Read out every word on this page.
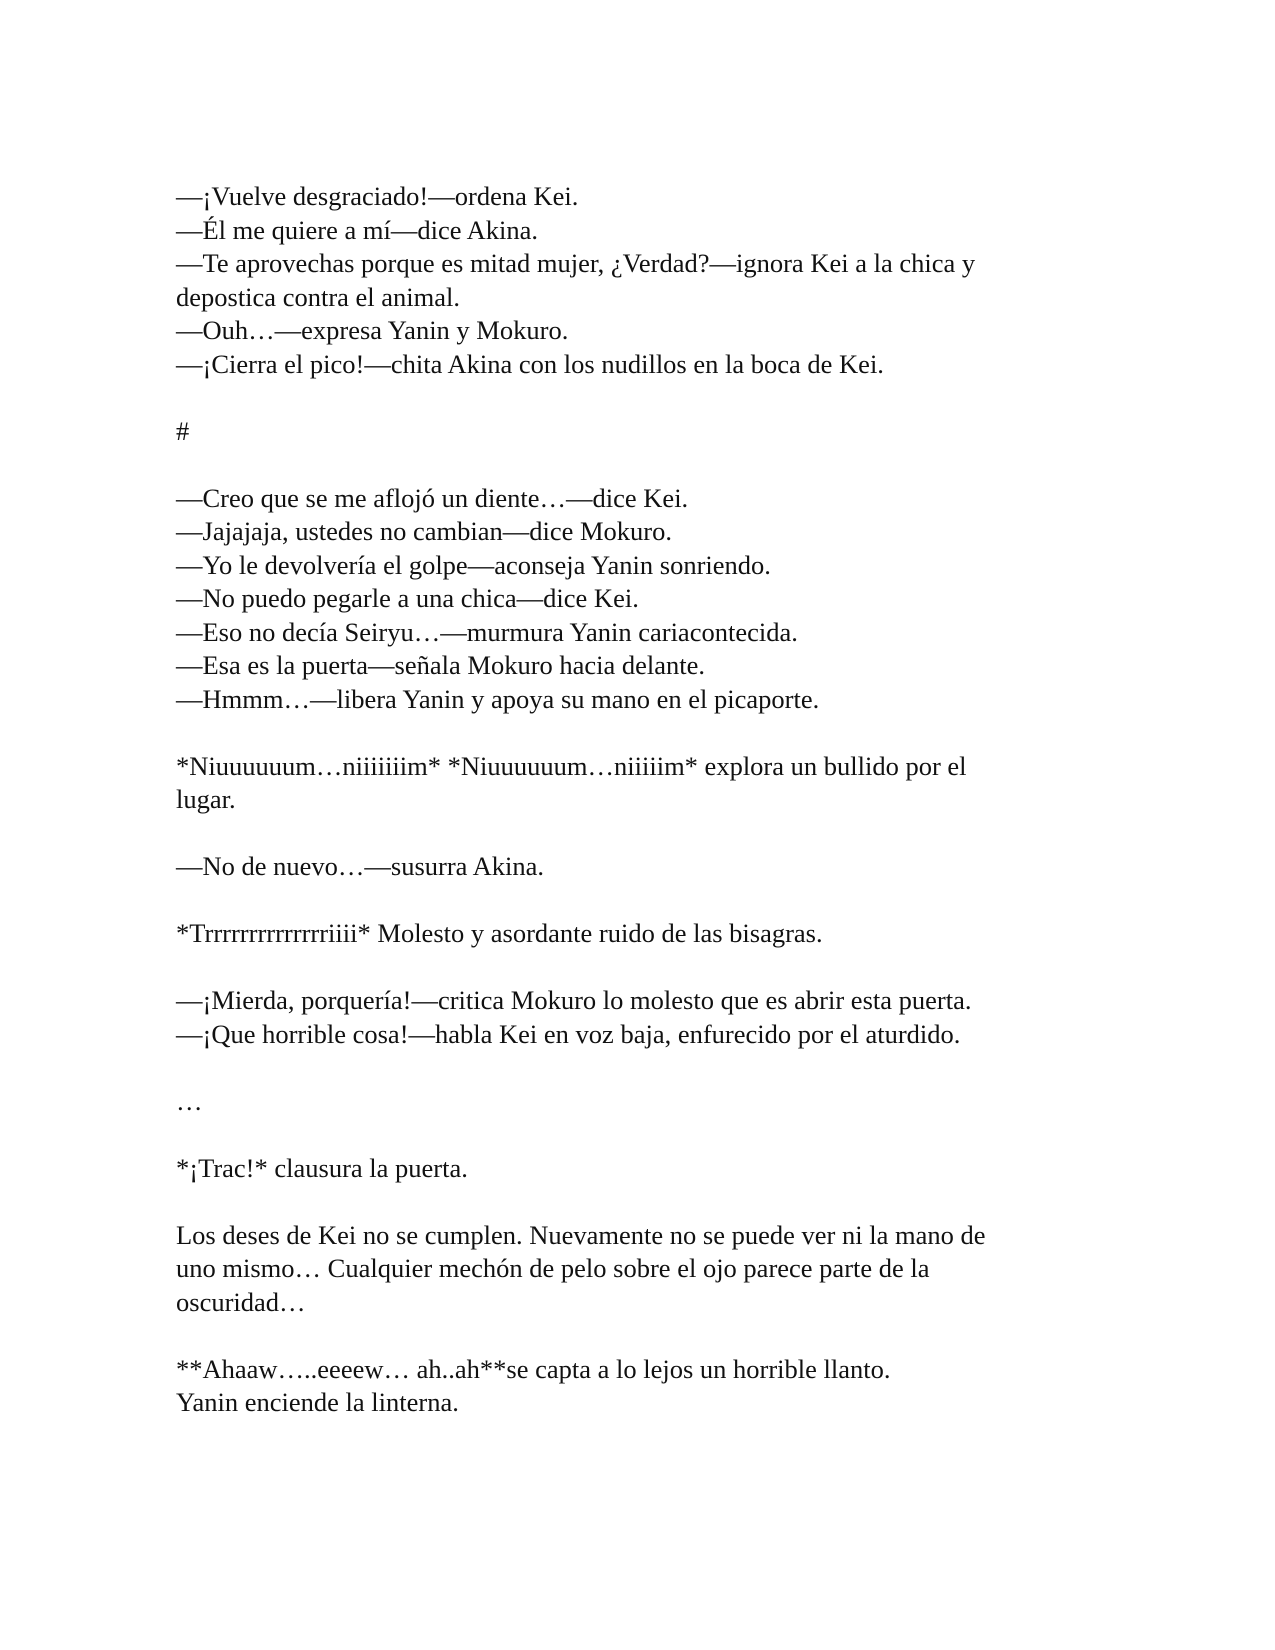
—¡Vuelve desgraciado!—ordena Kei.
—Él me quiere a mí—dice Akina.
—Te aprovechas porque es mitad mujer, ¿Verdad?—ignora Kei a la chica y
depostica contra el animal.
—Ouh…—expresa Yanin y Mokuro.
—¡Cierra el pico!—chita Akina con los nudillos en la boca de Kei.
#
—Creo que se me aflojó un diente…—dice Kei.
—Jajajaja, ustedes no cambian—dice Mokuro.
—Yo le devolvería el golpe—aconseja Yanin sonriendo.
—No puedo pegarle a una chica—dice Kei.
—Eso no decía Seiryu…—murmura Yanin cariacontecida.
—Esa es la puerta—señala Mokuro hacia delante.
—Hmmm…—libera Yanin y apoya su mano en el picaporte.
*Niuuuuuum…niiiiiiim* *Niuuuuuum…niiiiim* explora un bullido por el
lugar.
—No de nuevo…—susurra Akina.
*Trrrrrrrrrrrrrriiii* Molesto y asordante ruido de las bisagras.
—¡Mierda, porquería!—critica Mokuro lo molesto que es abrir esta puerta.
—¡Que horrible cosa!—habla Kei en voz baja, enfurecido por el aturdido.
…
*¡Trac!* clausura la puerta.
Los deses de Kei no se cumplen. Nuevamente no se puede ver ni la mano de
uno mismo… Cualquier mechón de pelo sobre el ojo parece parte de la
oscuridad…
**Ahaaw…..eeeew… ah..ah**se capta a lo lejos un horrible llanto.
Yanin enciende la linterna.
